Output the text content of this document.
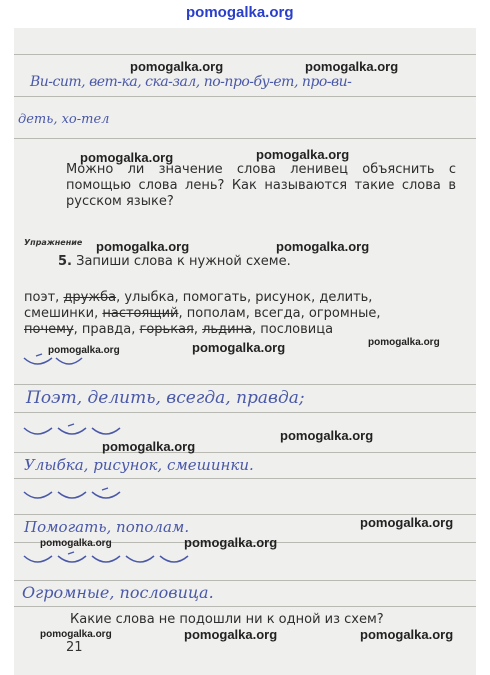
pomogalka.org
Ви-сит, вет-ка, ска-зал, по-про-бу-ет, про-ви-
деть, хо-тел
Можно ли значение слова ленивец объяснить с помощью слова лень? Как называются такие слова в русском языке?
Упражнение
5. Запиши слова к нужной схеме.
поэт, дружба, улыбка, помогать, рисунок, делить,
смешинки, настоящий, пополам, всегда, огромные,
почему, правда, горькая, льдина, пословица
Поэт, делить, всегда, правда;
Улыбка, рисунок, смешинки.
Помогать, пополам.
Огромные, пословица.
Какие слова не подошли ни к одной из схем?
21
pomogalka.org	pomogalka.org
pomogalka.org	pomogalka.org
pomogalka.org	pomogalka.org
pomogalka.org	pomogalka.org	pomogalka.org
pomogalka.org
pomogalka.org
pomogalka.org
pomogalka.org	pomogalka.org
pomogalka.org	pomogalka.org	pomogalka.org
